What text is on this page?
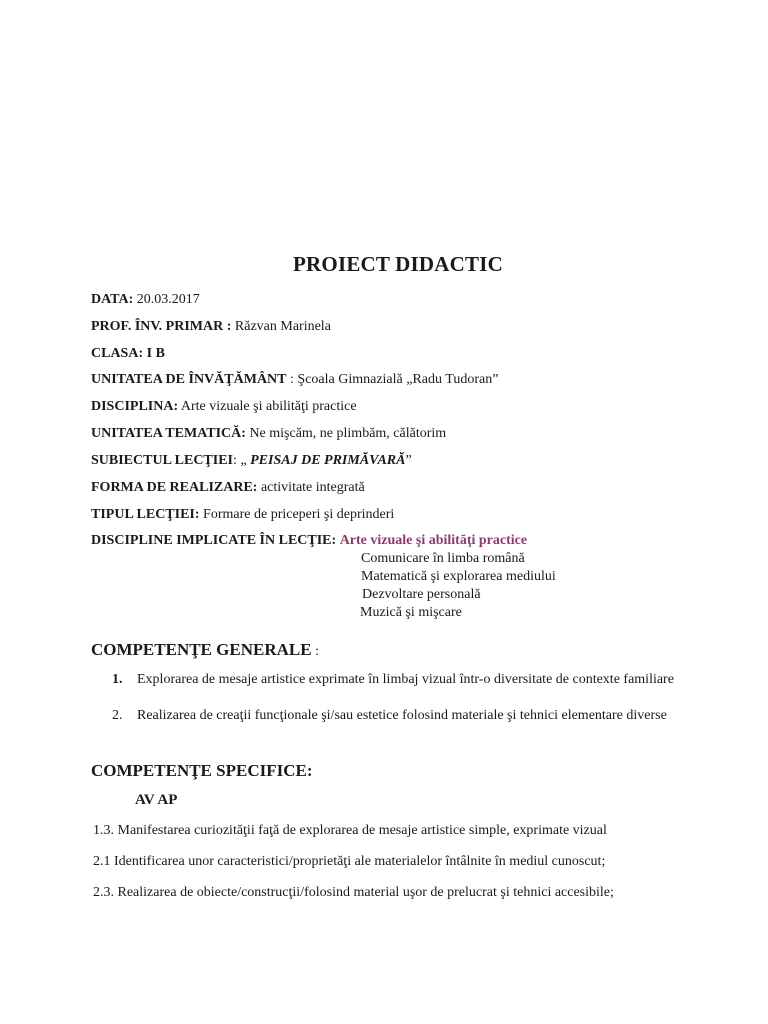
PROIECT DIDACTIC
DATA: 20.03.2017
PROF. ÎNV. PRIMAR : Răzvan Marinela
CLASA: I B
UNITATEA DE ÎNVĂŢĂMÂNT : Şcoala Gimnazială „Radu Tudoran”
DISCIPLINA: Arte vizuale şi abilităţi practice
UNITATEA TEMATICĂ: Ne mişcăm, ne plimbăm, călătorim
SUBIECTUL LECŢIEI: „ PEISAJ DE PRIMĂVARĂ”
FORMA DE REALIZARE: activitate integrată
TIPUL LECŢIEI: Formare de priceperi şi deprinderi
DISCIPLINE IMPLICATE ÎN LECŢIE: Arte vizuale şi abilităţi practice
Comunicare în limba română
Matematică şi explorarea mediului
Dezvoltare personală
Muzică şi mişcare
COMPETENŢE GENERALE :
1.	Explorarea de mesaje artistice exprimate în limbaj vizual într-o diversitate de contexte familiare
2.	Realizarea de creaţii funcţionale şi/sau estetice folosind materiale şi tehnici elementare diverse
COMPETENŢE SPECIFICE:
AV AP
1.3. Manifestarea curiozităţii faţă de explorarea de mesaje artistice simple, exprimate vizual
2.1 Identificarea unor caracteristici/proprietăţi ale materialelor întâlnite în mediul cunoscut;
2.3. Realizarea de obiecte/construcţii/folosind material uşor de prelucrat şi tehnici accesibile;
